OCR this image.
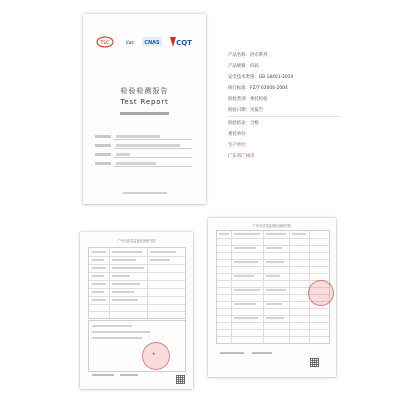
TLC	ilac CNAS CQT
检验检测报告
Test Report
产品名称：浴巾系列
产品规格：均码
安全技术类别：GB 18401-2010
执行标准：FZ/T 62006-2004
检验类别：委托检验
检验日期：见报告
检验结论：合格
委托单位：
生产单位：
广东省广州市
广州市质量监督检测研究院
★
广州市质量监督检测研究院
